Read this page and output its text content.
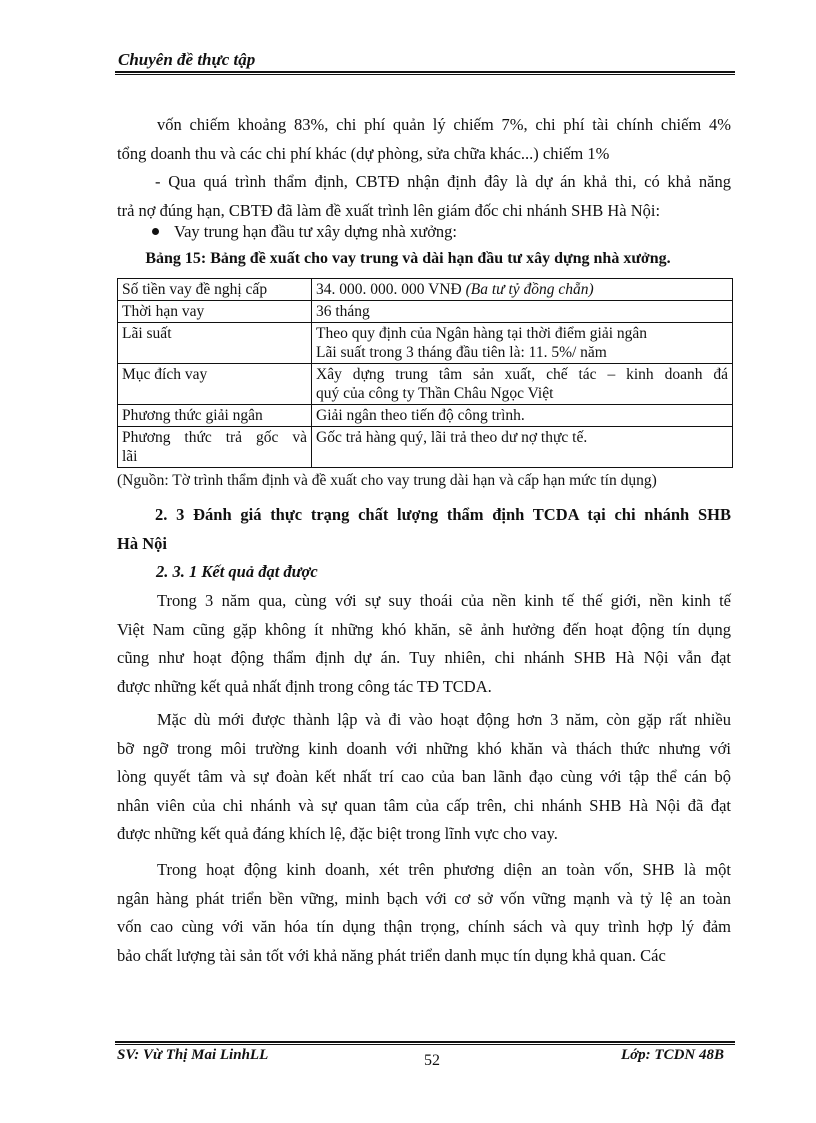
Chuyên đề thực tập
vốn chiếm khoảng 83%, chi phí quản lý chiếm 7%, chi phí tài chính chiếm 4%
tổng doanh thu và các chi phí khác (dự phòng, sửa chữa khác...) chiếm 1%
- Qua quá trình thẩm định, CBTĐ nhận định đây là dự án khả thi, có khả năng
trả nợ đúng hạn, CBTĐ đã làm đề xuất trình lên giám đốc chi nhánh SHB Hà Nội:
Vay trung hạn đầu tư xây dựng nhà xưởng:
Bảng 15: Bảng đề xuất cho vay trung và dài hạn đầu tư xây dựng nhà xưởng.
Số tiền vay đề nghị cấp	34. 000. 000. 000 VNĐ (Ba tư tỷ đồng chẵn)
Thời hạn vay	36 tháng
Lãi suất	Theo quy định của Ngân hàng tại thời điểm giải ngân
Lãi suất trong 3 tháng đầu tiên là: 11. 5%/ năm

Mục đích vay	Xây dựng trung tâm sản xuất, chế tác – kinh doanh đá
quý của công ty Thần Châu Ngọc Việt

Phương thức giải ngân	Giải ngân theo tiến độ công trình.

Phương thức trả gốc và
lãi	Gốc trả hàng quý, lãi trả theo dư nợ thực tế.
(Nguồn: Tờ trình thẩm định và đề xuất cho vay trung dài hạn và cấp hạn mức tín dụng)
2. 3 Đánh giá thực trạng chất lượng thẩm định TCDA tại chi nhánh SHB
Hà Nội
2. 3. 1 Kết quả đạt được
Trong 3 năm qua, cùng với sự suy thoái của nền kinh tế thế giới, nền kinh tế
Việt Nam cũng gặp không ít những khó khăn, sẽ ảnh hưởng đến hoạt động tín dụng
cũng như hoạt động thẩm định dự án. Tuy nhiên, chi nhánh SHB Hà Nội vẫn đạt
được những kết quả nhất định trong công tác TĐ TCDA.
Mặc dù mới được thành lập và đi vào hoạt động hơn 3 năm, còn gặp rất nhiều
bỡ ngỡ trong môi trường kinh doanh với những khó khăn và thách thức nhưng với
lòng quyết tâm và sự đoàn kết nhất trí cao của ban lãnh đạo cùng với tập thể cán bộ
nhân viên của chi nhánh và sự quan tâm của cấp trên, chi nhánh SHB Hà Nội đã đạt
được những kết quả đáng khích lệ, đặc biệt trong lĩnh vực cho vay.
Trong hoạt động kinh doanh, xét trên phương diện an toàn vốn, SHB là một
ngân hàng phát triển bền vững, minh bạch với cơ sở vốn vững mạnh và tỷ lệ an toàn
vốn cao cùng với văn hóa tín dụng thận trọng, chính sách và quy trình hợp lý đảm
bảo chất lượng tài sản tốt với khả năng phát triển danh mục tín dụng khả quan. Các
SV: Vừ Thị Mai LinhLL	52	Lớp: TCDN 48B
